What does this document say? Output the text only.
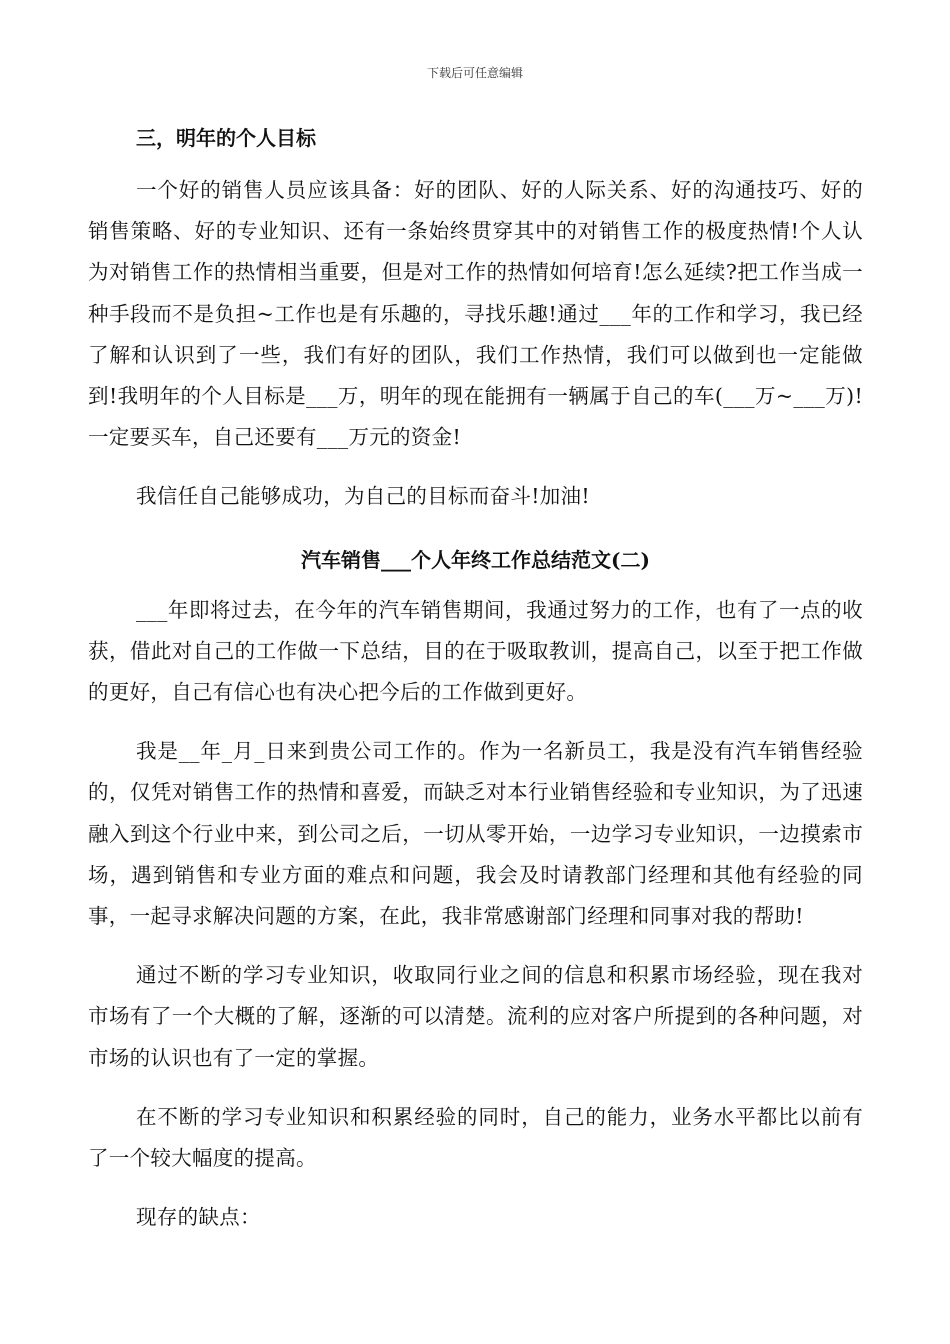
下载后可任意编辑
三，明年的个人目标

一个好的销售人员应该具备：好的团队、好的人际关系、好的沟通技巧、好的销售策略、好的专业知识、还有一条始终贯穿其中的对销售工作的极度热情!个人认为对销售工作的热情相当重要，但是对工作的热情如何培育!怎么延续?把工作当成一种手段而不是负担~工作也是有乐趣的，寻找乐趣!通过___年的工作和学习，我已经了解和认识到了一些，我们有好的团队，我们工作热情，我们可以做到也一定能做到!我明年的个人目标是___万，明年的现在能拥有一辆属于自己的车(___万~___万)!一定要买车，自己还要有___万元的资金!

我信任自己能够成功，为自己的目标而奋斗!加油!

汽车销售___个人年终工作总结范文(二)

___年即将过去，在今年的汽车销售期间，我通过努力的工作，也有了一点的收获，借此对自己的工作做一下总结，目的在于吸取教训，提高自己，以至于把工作做的更好，自己有信心也有决心把今后的工作做到更好。

我是__年_月_日来到贵公司工作的。作为一名新员工，我是没有汽车销售经验的，仅凭对销售工作的热情和喜爱，而缺乏对本行业销售经验和专业知识，为了迅速融入到这个行业中来，到公司之后，一切从零开始，一边学习专业知识，一边摸索市场，遇到销售和专业方面的难点和问题，我会及时请教部门经理和其他有经验的同事，一起寻求解决问题的方案，在此，我非常感谢部门经理和同事对我的帮助!

通过不断的学习专业知识，收取同行业之间的信息和积累市场经验，现在我对市场有了一个大概的了解，逐渐的可以清楚。流利的应对客户所提到的各种问题，对市场的认识也有了一定的掌握。

在不断的学习专业知识和积累经验的同时，自己的能力，业务水平都比以前有了一个较大幅度的提高。

现存的缺点：
